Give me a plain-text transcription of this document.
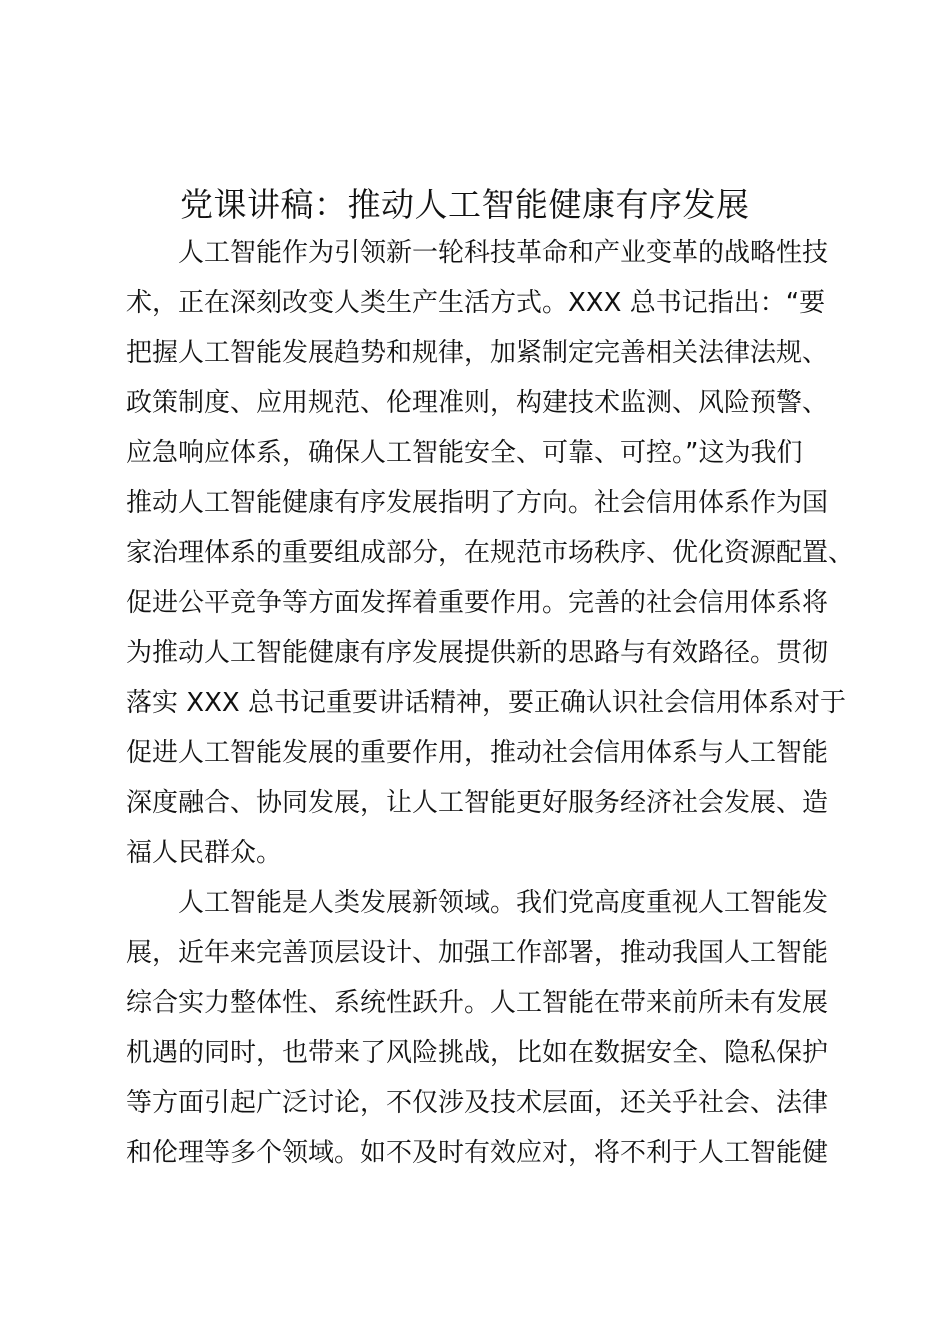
党课讲稿：推动人工智能健康有序发展
人工智能作为引领新一轮科技革命和产业变革的战略性技
术，正在深刻改变人类生产生活方式。XXX 总书记指出：“要
把握人工智能发展趋势和规律，加紧制定完善相关法律法规、
政策制度、应用规范、伦理准则，构建技术监测、风险预警、
应急响应体系，确保人工智能安全、可靠、可控。”这为我们
推动人工智能健康有序发展指明了方向。社会信用体系作为国
家治理体系的重要组成部分，在规范市场秩序、优化资源配置、
促进公平竞争等方面发挥着重要作用。完善的社会信用体系将
为推动人工智能健康有序发展提供新的思路与有效路径。贯彻
落实 XXX 总书记重要讲话精神，要正确认识社会信用体系对于
促进人工智能发展的重要作用，推动社会信用体系与人工智能
深度融合、协同发展，让人工智能更好服务经济社会发展、造
福人民群众。
人工智能是人类发展新领域。我们党高度重视人工智能发
展，近年来完善顶层设计、加强工作部署，推动我国人工智能
综合实力整体性、系统性跃升。人工智能在带来前所未有发展
机遇的同时，也带来了风险挑战，比如在数据安全、隐私保护
等方面引起广泛讨论，不仅涉及技术层面，还关乎社会、法律
和伦理等多个领域。如不及时有效应对，将不利于人工智能健
